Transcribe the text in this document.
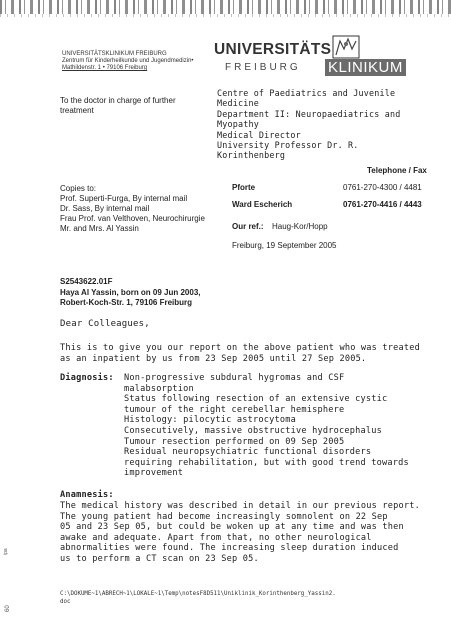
UNIVERSITÄTSKLINIKUM FREIBURG
Zentrum für Kinderheilkunde und Jugendmedizin•
Mathildenstr. 1 • 79106 Freiburg
UNIVERSITÄTS
FREIBURG KLINIKUM
To the doctor in charge of further
treatment
Centre of Paediatrics and Juvenile
Medicine
Department II: Neuropaediatrics and
Myopathy
Medical Director
University Professor Dr. R.
Korinthenberg
Telephone / Fax
Copies to:
Prof. Superti-Furga, By internal mail
Dr. Sass, By internal mail
Frau Prof. van Velthoven, Neurochirurgie
Mr. and Mrs. Al Yassin
Pforte	0761-270-4300 / 4481
Ward Escherich	0761-270-4416 / 4443
Our ref.: Haug-Kor/Hopp
Freiburg, 19 September 2005
S2543622.01F
Haya Al Yassin, born on 09 Jun 2003,
Robert-Koch-Str. 1, 79106 Freiburg
Dear Colleagues,
This is to give you our report on the above patient who was treated
as an inpatient by us from 23 Sep 2005 until 27 Sep 2005.
Diagnosis: Non-progressive subdural hygromas and CSF
malabsorption
Status following resection of an extensive cystic
tumour of the right cerebellar hemisphere
Histology: pilocytic astrocytoma
Consecutively, massive obstructive hydrocephalus
Tumour resection performed on 09 Sep 2005
Residual neuropsychiatric functional disorders
requiring rehabilitation, but with good trend towards
improvement
Anamnesis:
The medical history was described in detail in our previous report.
The young patient had become increasingly somnolent on 22 Sep
05 and 23 Sep 05, but could be woken up at any time and was then
awake and adequate. Apart from that, no other neurological
abnormalities were found. The increasing sleep duration induced
us to perform a CT scan on 23 Sep 05.
C:\DOKUME~1\ABRECH~1\LOKALE~1\Temp\notesF8D511\Uniklinik_Korinthenberg_Yassin2.
doc
ipa
60
